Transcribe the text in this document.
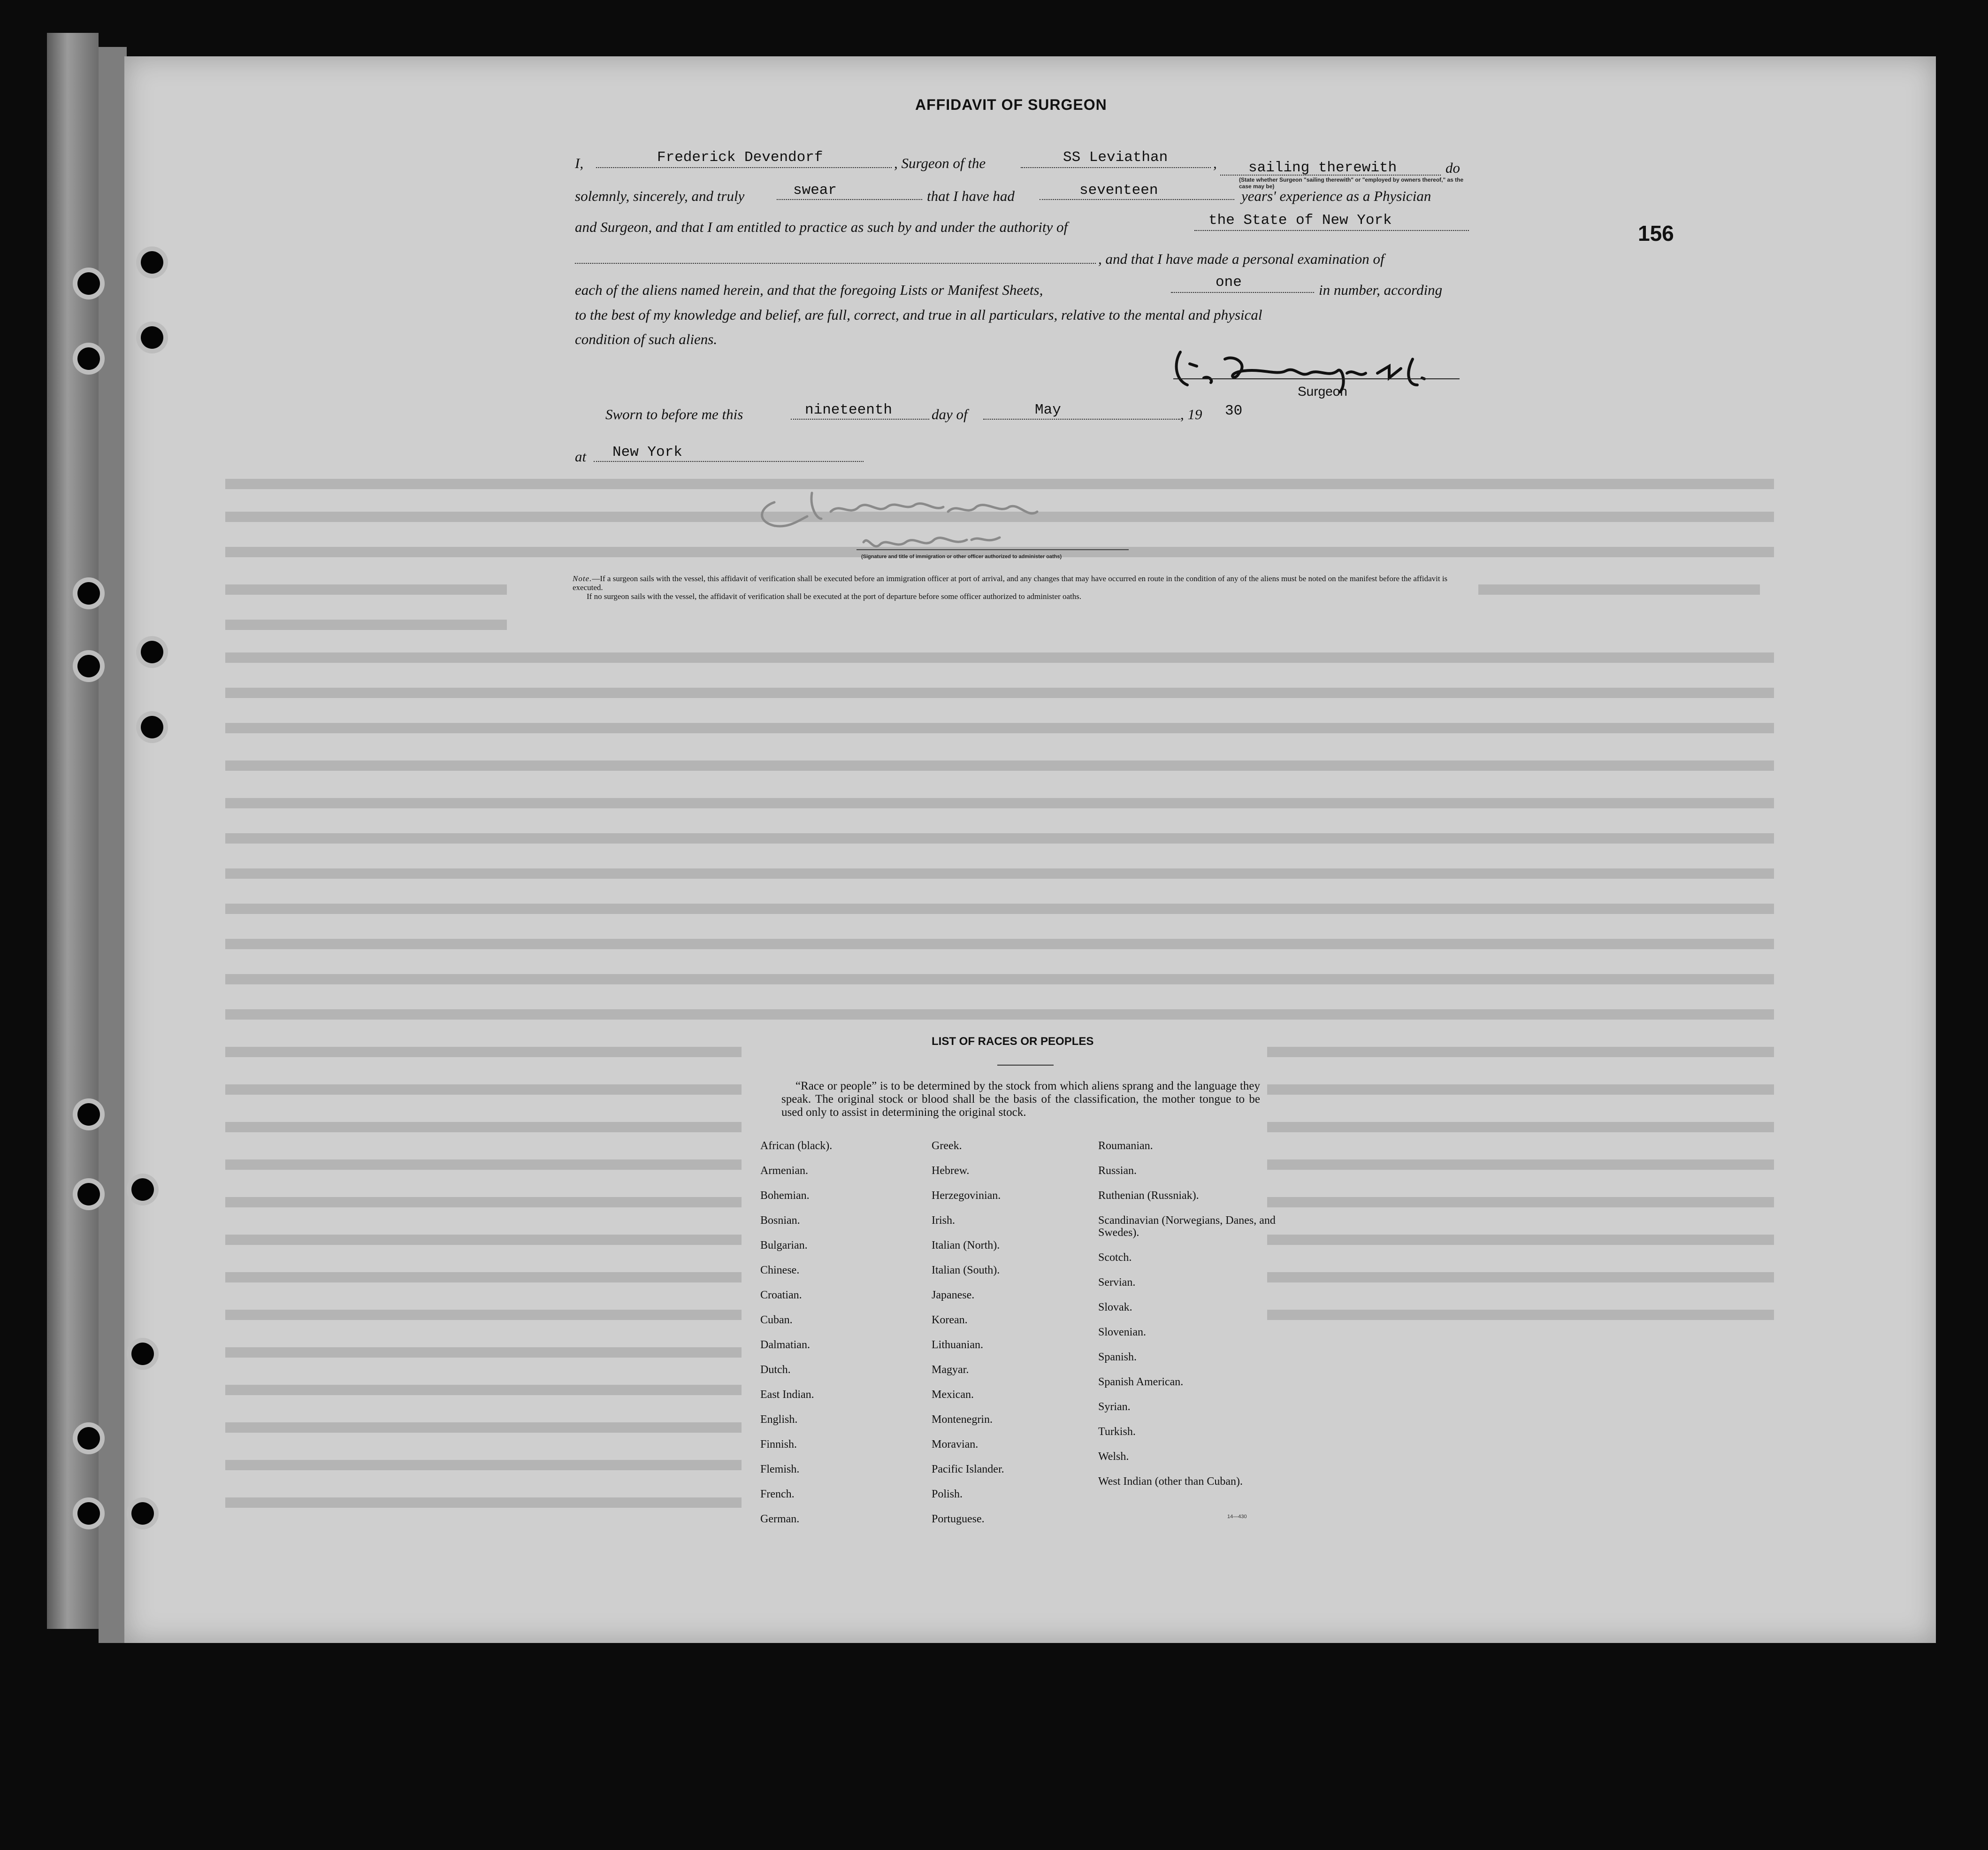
156
AFFIDAVIT OF SURGEON
I,	Frederick Devendorf	, Surgeon of the	SS Leviathan	, sailing therewith
(State whether Surgeon "sailing therewith" or "employed by owners thereof," as the case may be)
do
solemnly, sincerely, and truly	swear	that I have had	seventeen	years' experience as a Physician
and Surgeon, and that I am entitled to practice as such by and under the authority of	the State of New York
, and that I have made a personal examination of
each of the aliens named herein, and that the foregoing Lists or Manifest Sheets,	one	in number, according
to the best of my knowledge and belief, are full, correct, and true in all particulars, relative to the mental and physical
condition of such aliens.
Surgeon
Sworn to before me this	nineteenth	day of	May	, 19 30
at New York
(Signature and title of immigration or other officer authorized to administer oaths)
Note.—If a surgeon sails with the vessel, this affidavit of verification shall be executed before an immigration officer at port of arrival, and any changes that may have occurred en route in the condition of any of the aliens must be noted on the manifest before the affidavit is executed.
If no surgeon sails with the vessel, the affidavit of verification shall be executed at the port of departure before some officer authorized to administer oaths.
LIST OF RACES OR PEOPLES
“Race or people” is to be determined by the stock from which aliens sprang and the language they speak. The original stock or blood shall be the basis of the classification, the mother tongue to be used only to assist in determining the original stock.
African (black).
Armenian.
Bohemian.
Bosnian.
Bulgarian.
Chinese.
Croatian.
Cuban.
Dalmatian.
Dutch.
East Indian.
English.
Finnish.
Flemish.
French.
German.
Greek.
Hebrew.
Herzegovinian.
Irish.
Italian (North).
Italian (South).
Japanese.
Korean.
Lithuanian.
Magyar.
Mexican.
Montenegrin.
Moravian.
Pacific Islander.
Polish.
Portuguese.
Roumanian.
Russian.
Ruthenian (Russniak).
Scandinavian (Norwegians, Danes, and Swedes).
Scotch.
Servian.
Slovak.
Slovenian.
Spanish.
Spanish American.
Syrian.
Turkish.
Welsh.
West Indian (other than Cuban).
14—430
